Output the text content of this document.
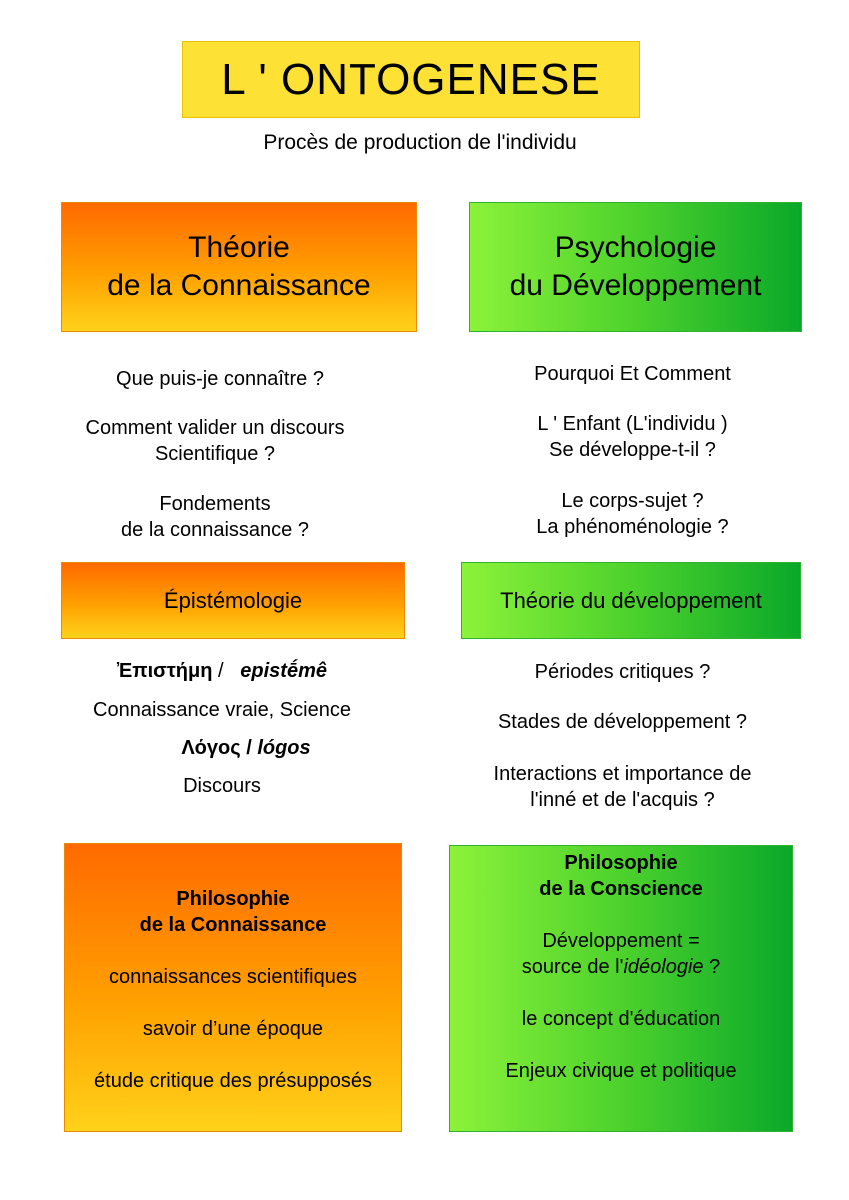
L ' ONTOGENESE
Procès de production de l'individu
Théorie
de la Connaissance
Que puis-je connaître ?
Comment valider un discours
Scientifique ?
Fondements
de la connaissance ?
Épistémologie
Ἐπιστήμη /   epistḗmê
Connaissance vraie, Science
Λόγος / lógos
Discours
Philosophie
de la Connaissance
connaissances scientifiques
savoir d’une époque
étude critique des présupposés
Psychologie
du Développement
Pourquoi Et Comment
L ' Enfant (L'individu )
Se développe-t-il ?
Le corps-sujet ?
La phénoménologie ?
Théorie du développement
Périodes critiques ?
Stades de développement ?
Interactions et importance de
l'inné et de l'acquis ?
Philosophie
de la Conscience
Développement =
source de l'idéologie ?
le concept d'éducation
Enjeux civique et politique
